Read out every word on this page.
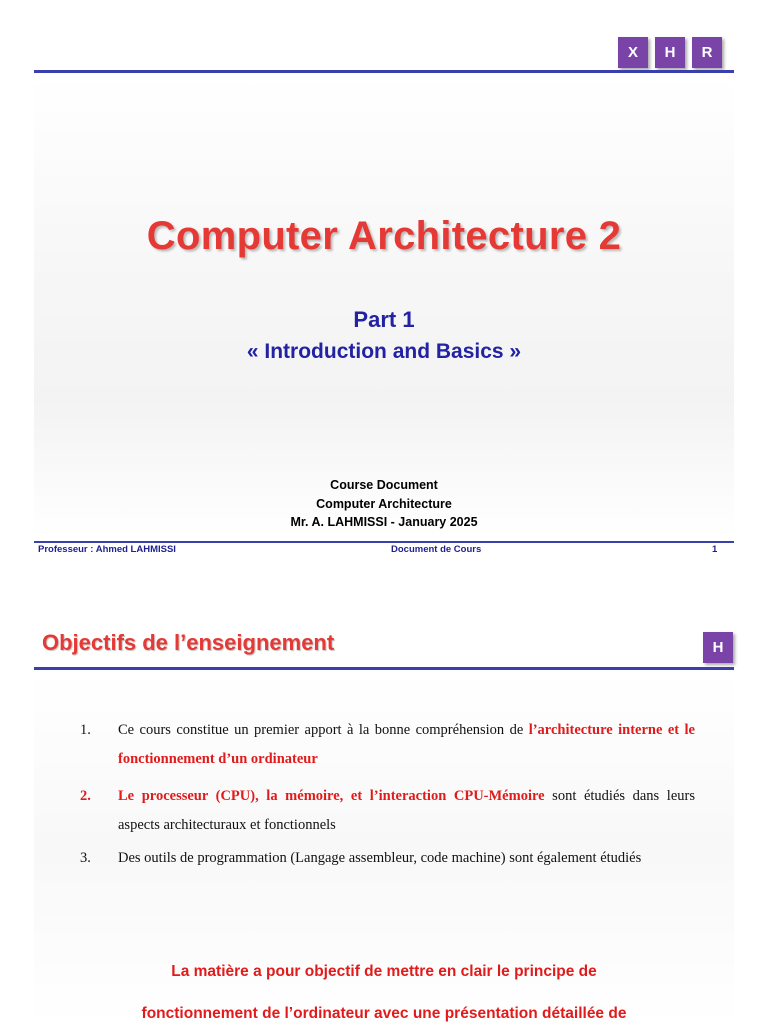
X	H	R
Computer Architecture 2
Part 1
« Introduction and Basics »
Course Document
Computer Architecture
Mr. A. LAHMISSI - January 2025
Professeur : Ahmed LAHMISSI	Document de Cours	1
Objectifs de l’enseignement	H
1.	Ce cours constitue un premier apport à la bonne compréhension de l’architecture interne et le fonctionnement d’un ordinateur
2.	Le processeur (CPU), la mémoire, et l’interaction CPU-Mémoire sont étudiés dans leurs aspects architecturaux et fonctionnels
3.	Des outils de programmation (Langage assembleur, code machine) sont également étudiés
La matière a pour objectif de mettre en clair le principe de
fonctionnement de l’ordinateur avec une présentation détaillée de
